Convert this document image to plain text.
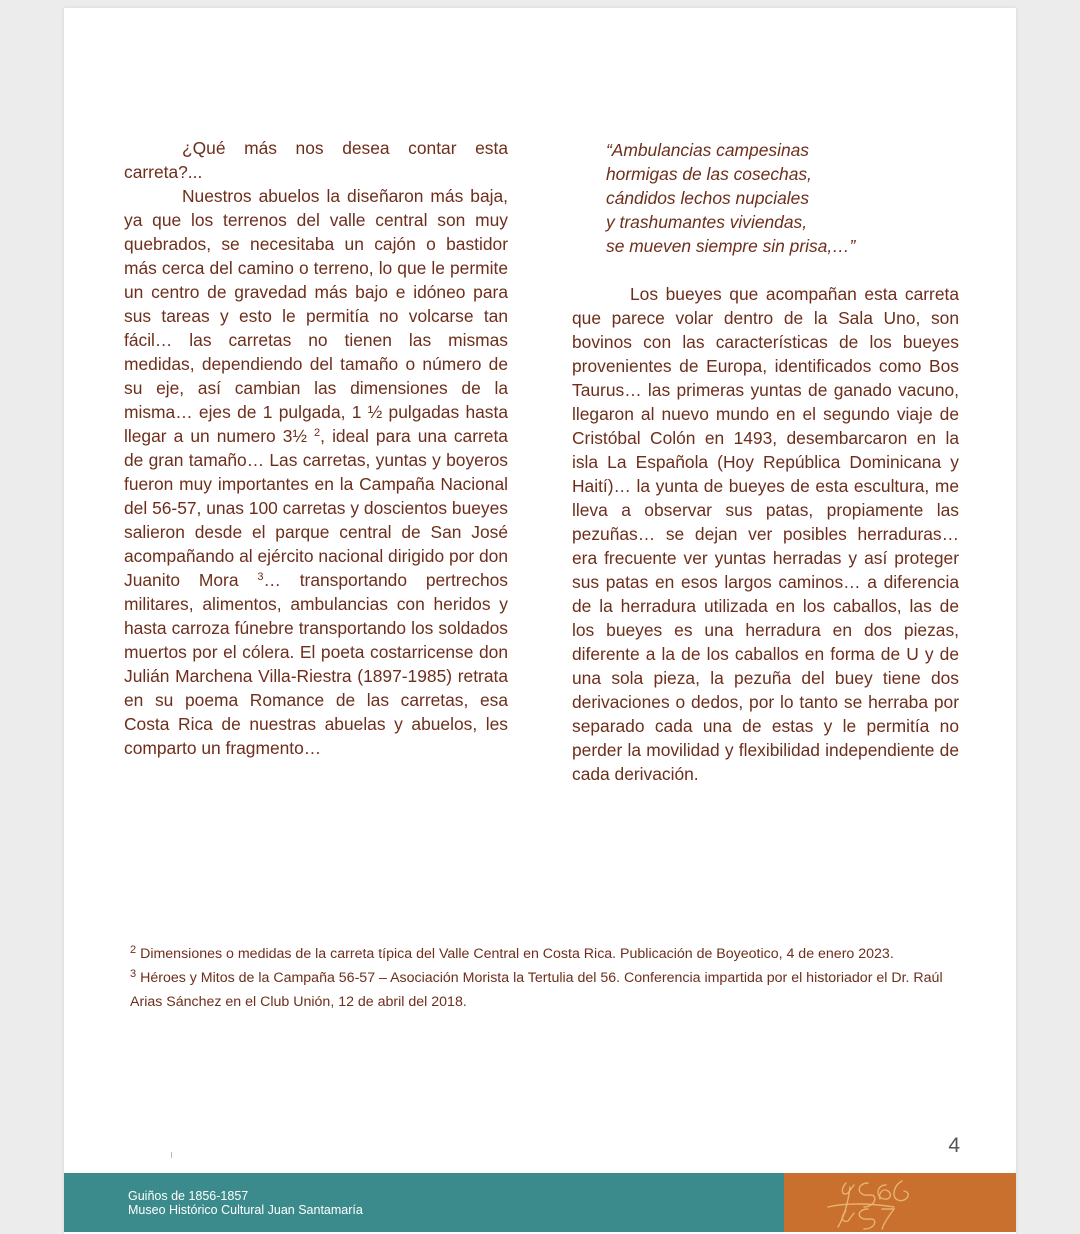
¿Qué más nos desea contar esta carreta?...

Nuestros abuelos la diseñaron más baja, ya que los terrenos del valle central son muy quebrados, se necesitaba un cajón o bastidor más cerca del camino o terreno, lo que le permite un centro de gravedad más bajo e idóneo para sus tareas y esto le permitía no volcarse tan fácil… las carretas no tienen las mismas medidas, dependiendo del tamaño o número de su eje, así cambian las dimensiones de la misma… ejes de 1 pulgada, 1 ½ pulgadas hasta llegar a un numero 3½ $^2$, ideal para una carreta de gran tamaño… Las carretas, yuntas y boyeros fueron muy importantes en la Campaña Nacional del 56-57, unas 100 carretas y doscientos bueyes salieron desde el parque central de San José acompañando al ejército nacional dirigido por don Juanito Mora $^3$… transportando pertrechos militares, alimentos, ambulancias con heridos y hasta carroza fúnebre transportando los soldados muertos por el cólera. El poeta costarricense don Julián Marchena Villa-Riestra (1897-1985) retrata en su poema Romance de las carretas, esa Costa Rica de nuestras abuelas y abuelos, les comparto un fragmento…

“Ambulancias campesinas
hormigas de las cosechas,
cándidos lechos nupciales
y trashumantes viviendas,
se mueven siempre sin prisa,…”

Los bueyes que acompañan esta carreta que parece volar dentro de la Sala Uno, son bovinos con las características de los bueyes provenientes de Europa, identificados como Bos Taurus… las primeras yuntas de ganado vacuno, llegaron al nuevo mundo en el segundo viaje de Cristóbal Colón en 1493, desembarcaron en la isla La Española (Hoy República Dominicana y Haití)… la yunta de bueyes de esta escultura, me lleva a observar sus patas, propiamente las pezuñas… se dejan ver posibles herraduras… era frecuente ver yuntas herradas y así proteger sus patas en esos largos caminos… a diferencia de la herradura utilizada en los caballos, las de los bueyes es una herradura en dos piezas, diferente a la de los caballos en forma de U y de una sola pieza, la pezuña del buey tiene dos derivaciones o dedos, por lo tanto se herraba por separado cada una de estas y le permitía no perder la movilidad y flexibilidad independiente de cada derivación.

$^2$ Dimensiones o medidas de la carreta típica del Valle Central en Costa Rica. Publicación de Boyeotico, 4 de enero 2023.

$^3$ Héroes y Mitos de la Campaña 56-57 – Asociación Morista la Tertulia del 56. Conferencia impartida por el historiador el Dr. Raúl Arias Sánchez en el Club Unión, 12 de abril del 2018.

4
Guiños de 1856-1857
Museo Histórico Cultural Juan Santamaría
